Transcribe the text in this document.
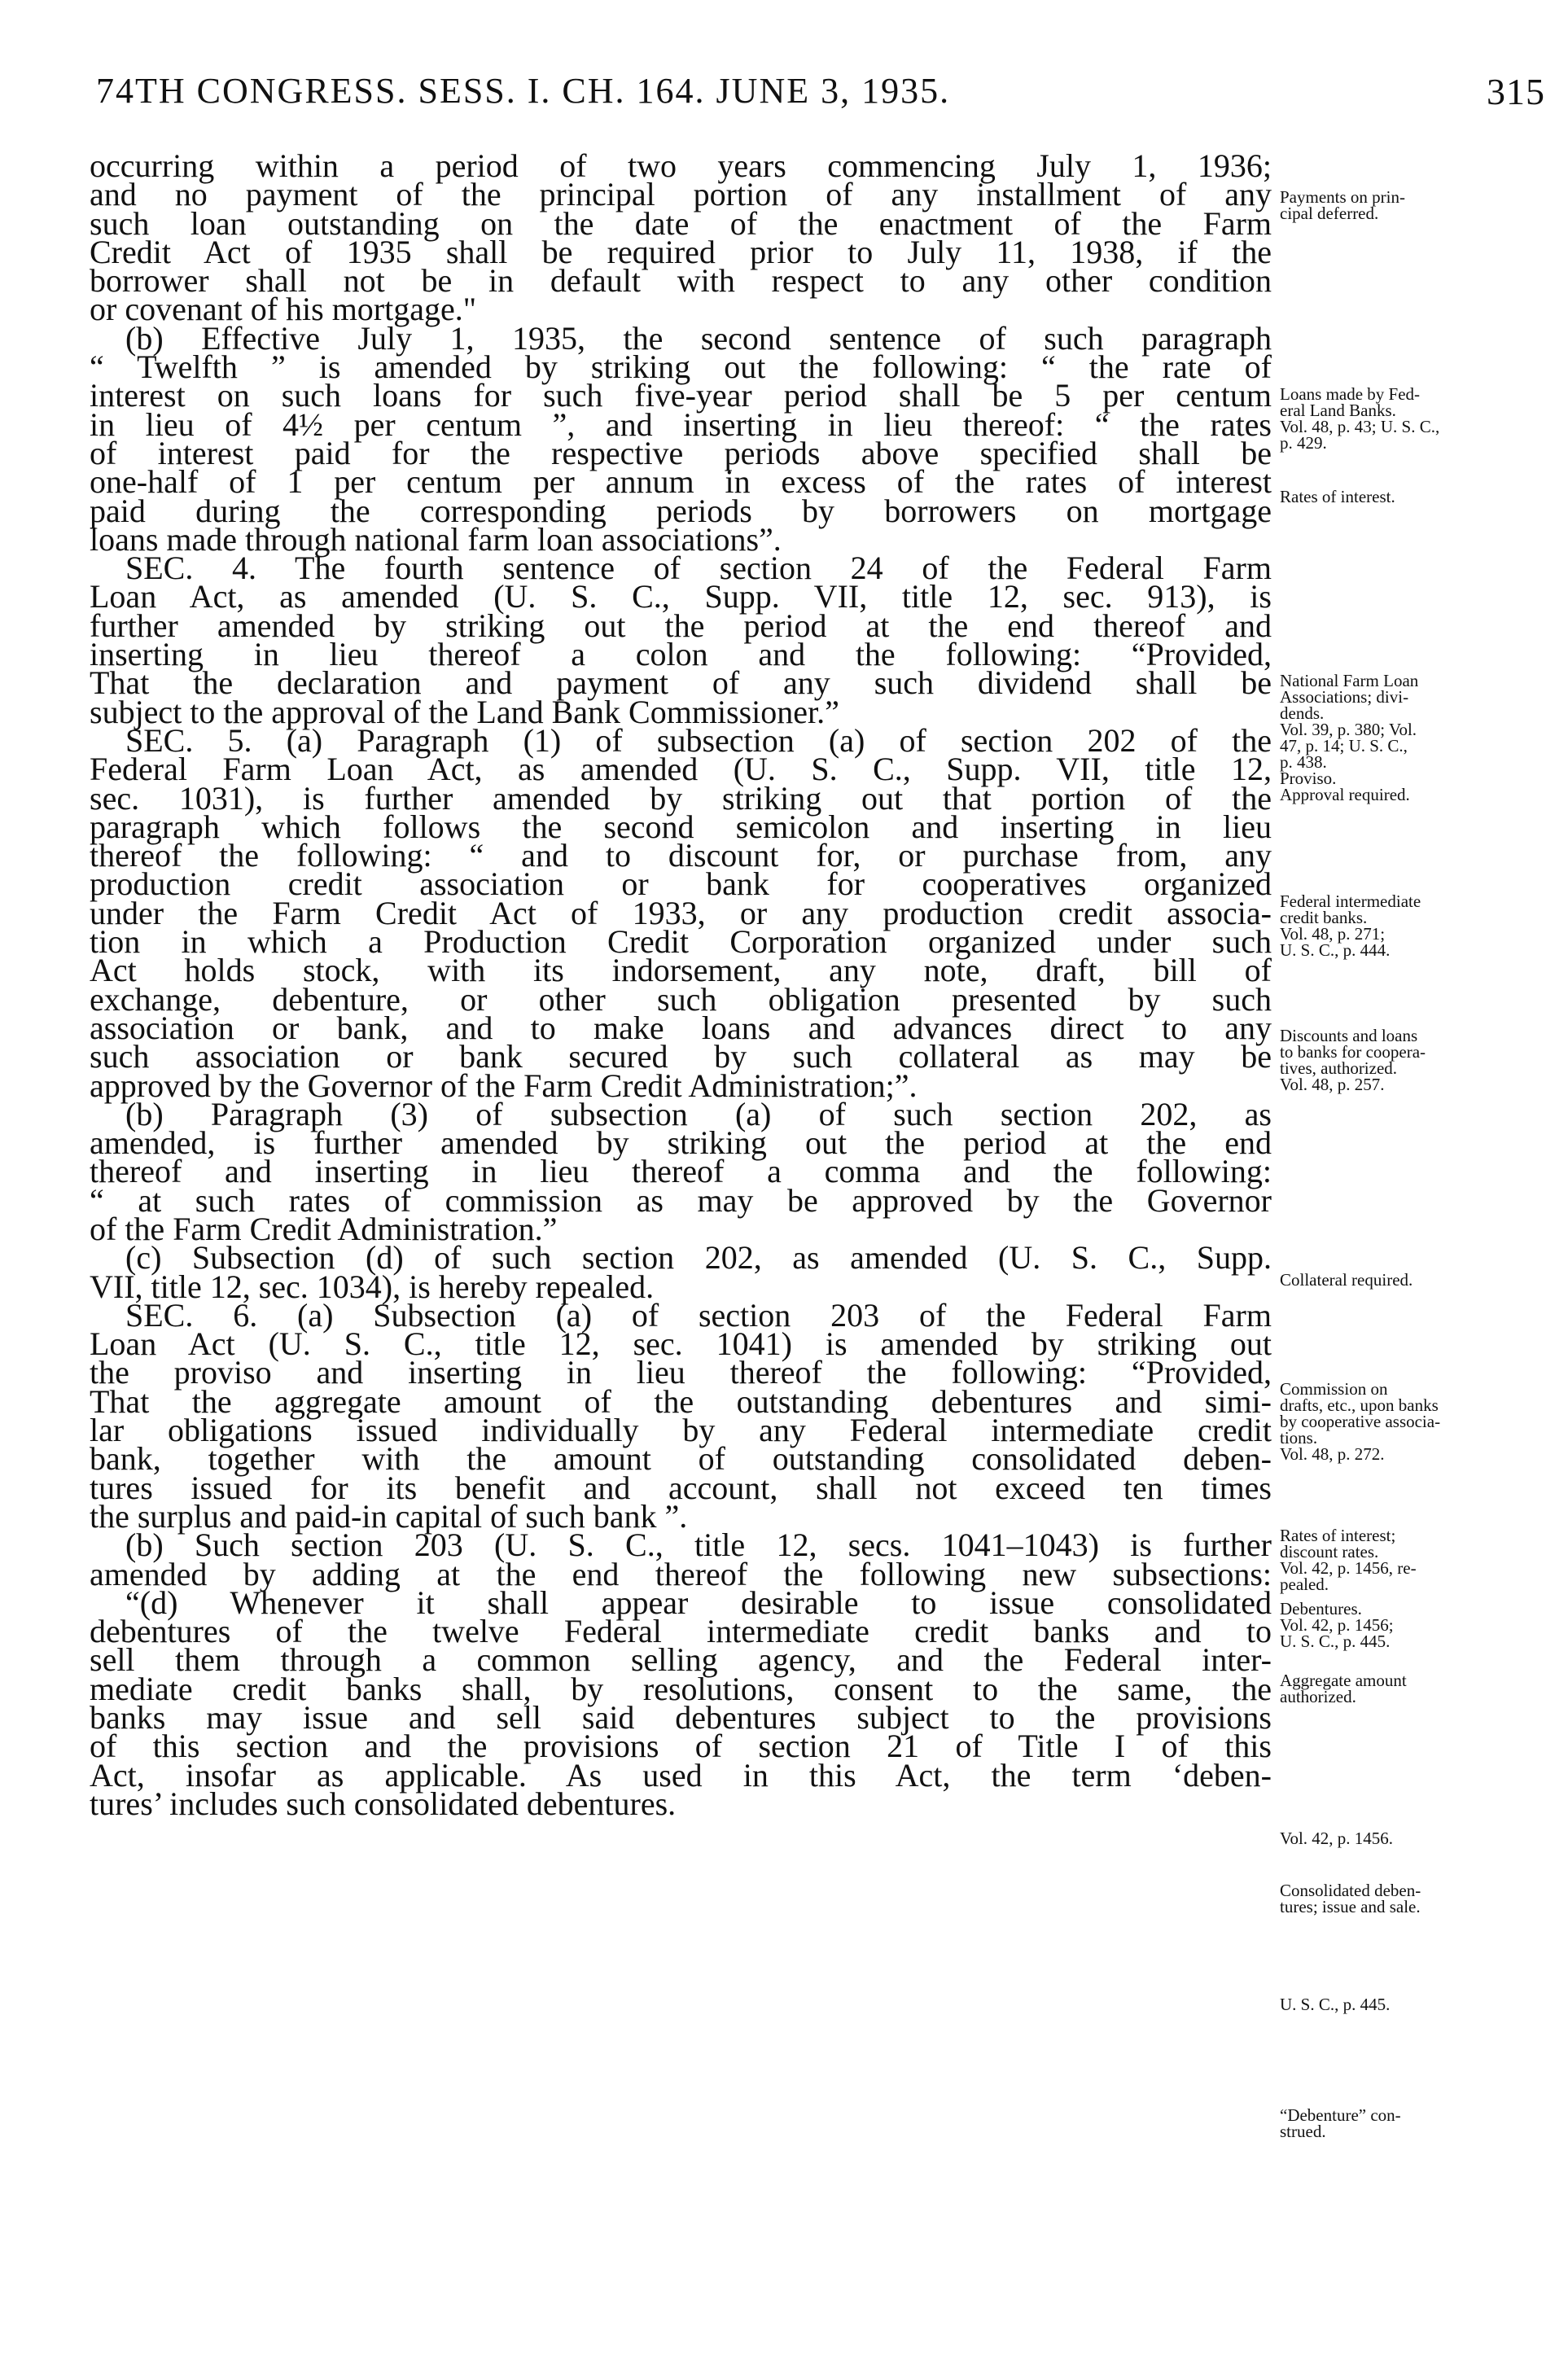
74TH CONGRESS. SESS. I. CH. 164. JUNE 3, 1935.	315
occurring within a period of two years commencing July 1, 1936;
and no payment of the principal portion of any installment of any
such loan outstanding on the date of the enactment of the Farm
Credit Act of 1935 shall be required prior to July 11, 1938, if the
borrower shall not be in default with respect to any other condition
or covenant of his mortgage."
(b) Effective July 1, 1935, the second sentence of such paragraph
“ Twelfth ” is amended by striking out the following: “ the rate of
interest on such loans for such five-year period shall be 5 per centum
in lieu of 4½ per centum ”, and inserting in lieu thereof: “ the rates
of interest paid for the respective periods above specified shall be
one-half of 1 per centum per annum in excess of the rates of interest
paid during the corresponding periods by borrowers on mortgage
loans made through national farm loan associations”.
SEC. 4. The fourth sentence of section 24 of the Federal Farm
Loan Act, as amended (U. S. C., Supp. VII, title 12, sec. 913), is
further amended by striking out the period at the end thereof and
inserting in lieu thereof a colon and the following: “Provided,
That the declaration and payment of any such dividend shall be
subject to the approval of the Land Bank Commissioner.”
SEC. 5. (a) Paragraph (1) of subsection (a) of section 202 of the
Federal Farm Loan Act, as amended (U. S. C., Supp. VII, title 12,
sec. 1031), is further amended by striking out that portion of the
paragraph which follows the second semicolon and inserting in lieu
thereof the following: “ and to discount for, or purchase from, any
production credit association or bank for cooperatives organized
under the Farm Credit Act of 1933, or any production credit associa-
tion in which a Production Credit Corporation organized under such
Act holds stock, with its indorsement, any note, draft, bill of
exchange, debenture, or other such obligation presented by such
association or bank, and to make loans and advances direct to any
such association or bank secured by such collateral as may be
approved by the Governor of the Farm Credit Administration;”.
(b) Paragraph (3) of subsection (a) of such section 202, as
amended, is further amended by striking out the period at the end
thereof and inserting in lieu thereof a comma and the following:
“ at such rates of commission as may be approved by the Governor
of the Farm Credit Administration.”
(c) Subsection (d) of such section 202, as amended (U. S. C., Supp.
VII, title 12, sec. 1034), is hereby repealed.
SEC. 6. (a) Subsection (a) of section 203 of the Federal Farm
Loan Act (U. S. C., title 12, sec. 1041) is amended by striking out
the proviso and inserting in lieu thereof the following: “Provided,
That the aggregate amount of the outstanding debentures and simi-
lar obligations issued individually by any Federal intermediate credit
bank, together with the amount of outstanding consolidated deben-
tures issued for its benefit and account, shall not exceed ten times
the surplus and paid-in capital of such bank ”.
(b) Such section 203 (U. S. C., title 12, secs. 1041–1043) is further
amended by adding at the end thereof the following new subsections:
“(d) Whenever it shall appear desirable to issue consolidated
debentures of the twelve Federal intermediate credit banks and to
sell them through a common selling agency, and the Federal inter-
mediate credit banks shall, by resolutions, consent to the same, the
banks may issue and sell said debentures subject to the provisions
of this section and the provisions of section 21 of Title I of this
Act, insofar as applicable. As used in this Act, the term ‘deben-
tures’ includes such consolidated debentures.
Payments on prin-
cipal deferred.
Loans made by Fed-
eral Land Banks.
Vol. 48, p. 43; U. S. C.,
p. 429.
Rates of interest.
National Farm Loan
Associations; divi-
dends.
Vol. 39, p. 380; Vol.
47, p. 14; U. S. C.,
p. 438.
Proviso.
Approval required.
Federal intermediate
credit banks.
Vol. 48, p. 271;
U. S. C., p. 444.
Discounts and loans
to banks for coopera-
tives, authorized.
Vol. 48, p. 257.
Collateral required.
Commission on
drafts, etc., upon banks
by cooperative associa-
tions.
Vol. 48, p. 272.
Rates of interest;
discount rates.
Vol. 42, p. 1456, re-
pealed.
Debentures.
Vol. 42, p. 1456;
U. S. C., p. 445.
Aggregate amount
authorized.
Vol. 42, p. 1456.
Consolidated deben-
tures; issue and sale.
U. S. C., p. 445.
“Debenture” con-
strued.
